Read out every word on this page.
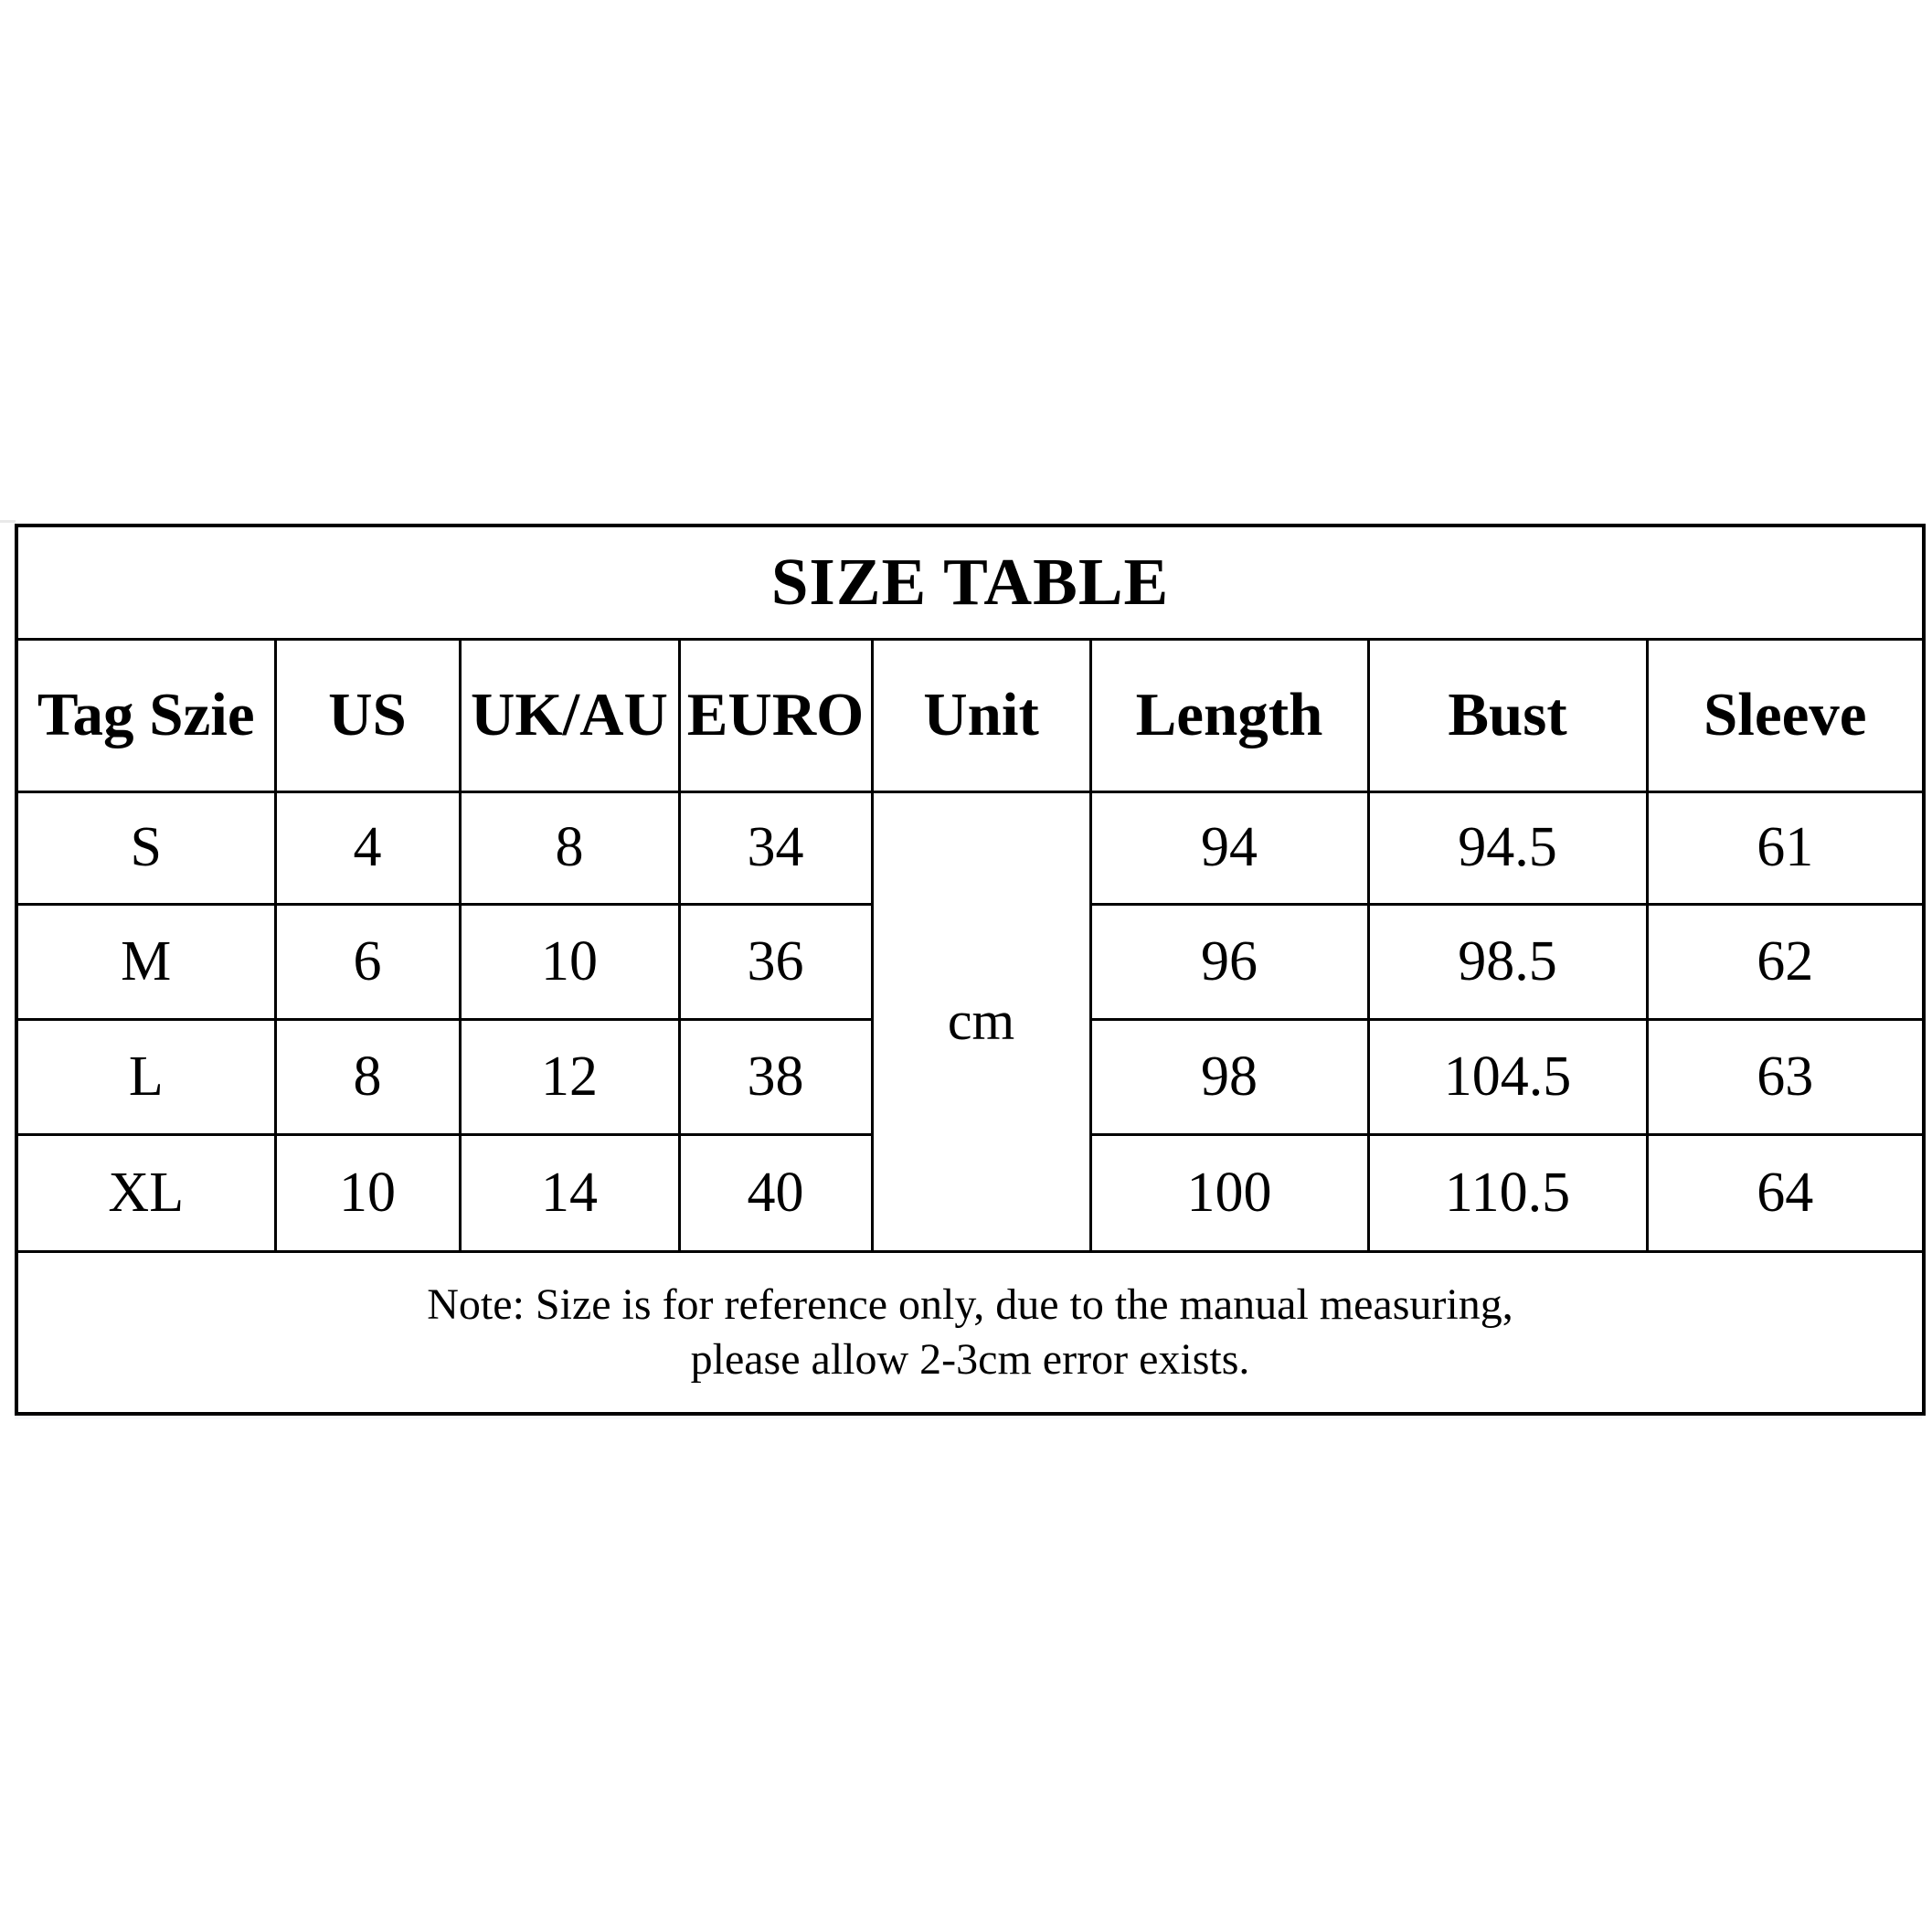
SIZE TABLE							
Tag Szie	US	UK/AU	EURO	Unit	Length	Bust	Sleeve
S	4	8	34	cm	94	94.5	61
M	6	10	36		96	98.5	62
L	8	12	38		98	104.5	63
XL	10	14	40		100	110.5	64

Note: Size is for reference only, due to the manual measuring,
please allow 2-3cm error exists.							
